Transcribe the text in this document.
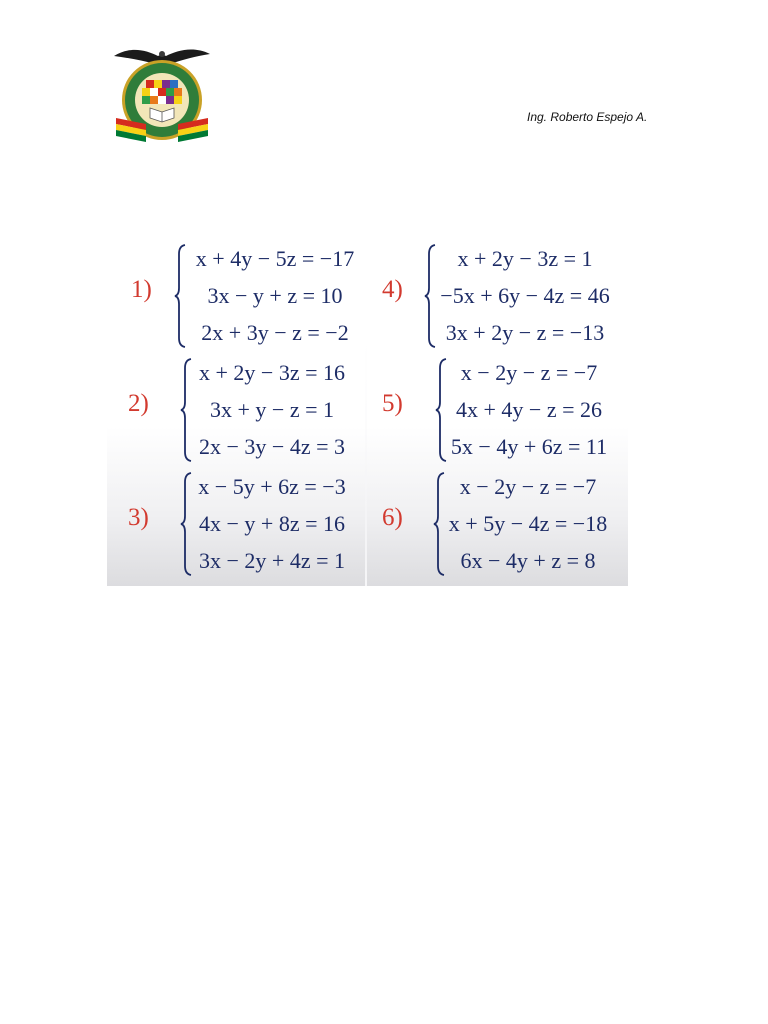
Ing. Roberto Espejo A.
1)
x + 4y − 5z = −17
3x − y + z = 10
2x + 3y − z = −2
2)
x + 2y − 3z = 16
3x + y − z = 1
2x − 3y − 4z = 3
3)
x − 5y + 6z = −3
4x − y + 8z = 16
3x − 2y + 4z = 1
4)
x + 2y − 3z = 1
−5x + 6y − 4z = 46
3x + 2y − z = −13
5)
x − 2y − z = −7
4x + 4y − z = 26
5x − 4y + 6z = 11
6)
x − 2y − z = −7
x + 5y − 4z = −18
6x − 4y + z = 8
